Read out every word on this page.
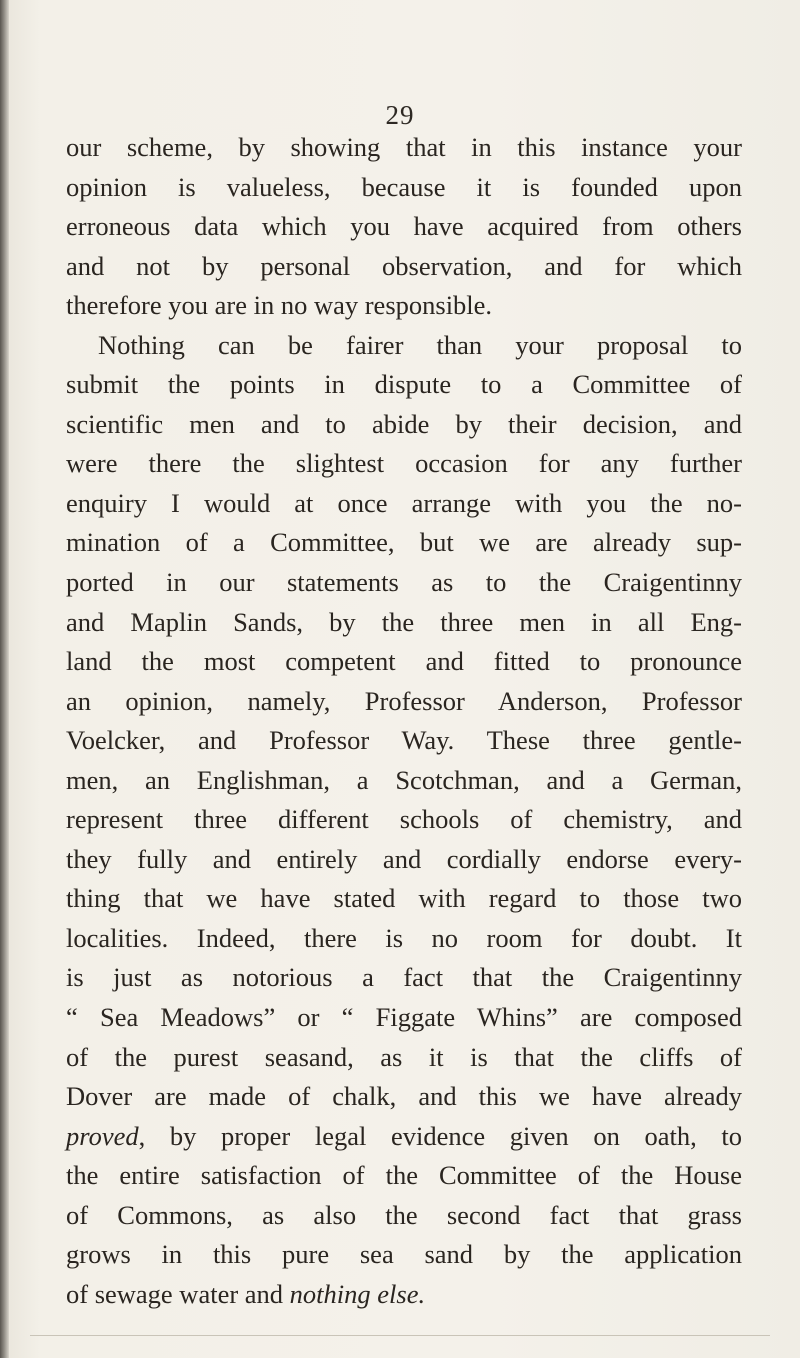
29
our scheme, by showing that in this instance your
opinion is valueless, because it is founded upon
erroneous data which you have acquired from others
and not by personal observation, and for which
therefore you are in no way responsible.
Nothing can be fairer than your proposal to
submit the points in dispute to a Committee of
scientific men and to abide by their decision, and
were there the slightest occasion for any further
enquiry I would at once arrange with you the no-
mination of a Committee, but we are already sup-
ported in our statements as to the Craigentinny
and Maplin Sands, by the three men in all Eng-
land the most competent and fitted to pronounce
an opinion, namely, Professor Anderson, Professor
Voelcker, and Professor Way. These three gentle-
men, an Englishman, a Scotchman, and a German,
represent three different schools of chemistry, and
they fully and entirely and cordially endorse every-
thing that we have stated with regard to those two
localities. Indeed, there is no room for doubt. It
is just as notorious a fact that the Craigentinny
“ Sea Meadows” or “ Figgate Whins” are composed
of the purest seasand, as it is that the cliffs of
Dover are made of chalk, and this we have already
proved, by proper legal evidence given on oath, to
the entire satisfaction of the Committee of the House
of Commons, as also the second fact that grass
grows in this pure sea sand by the application
of sewage water and nothing else.
